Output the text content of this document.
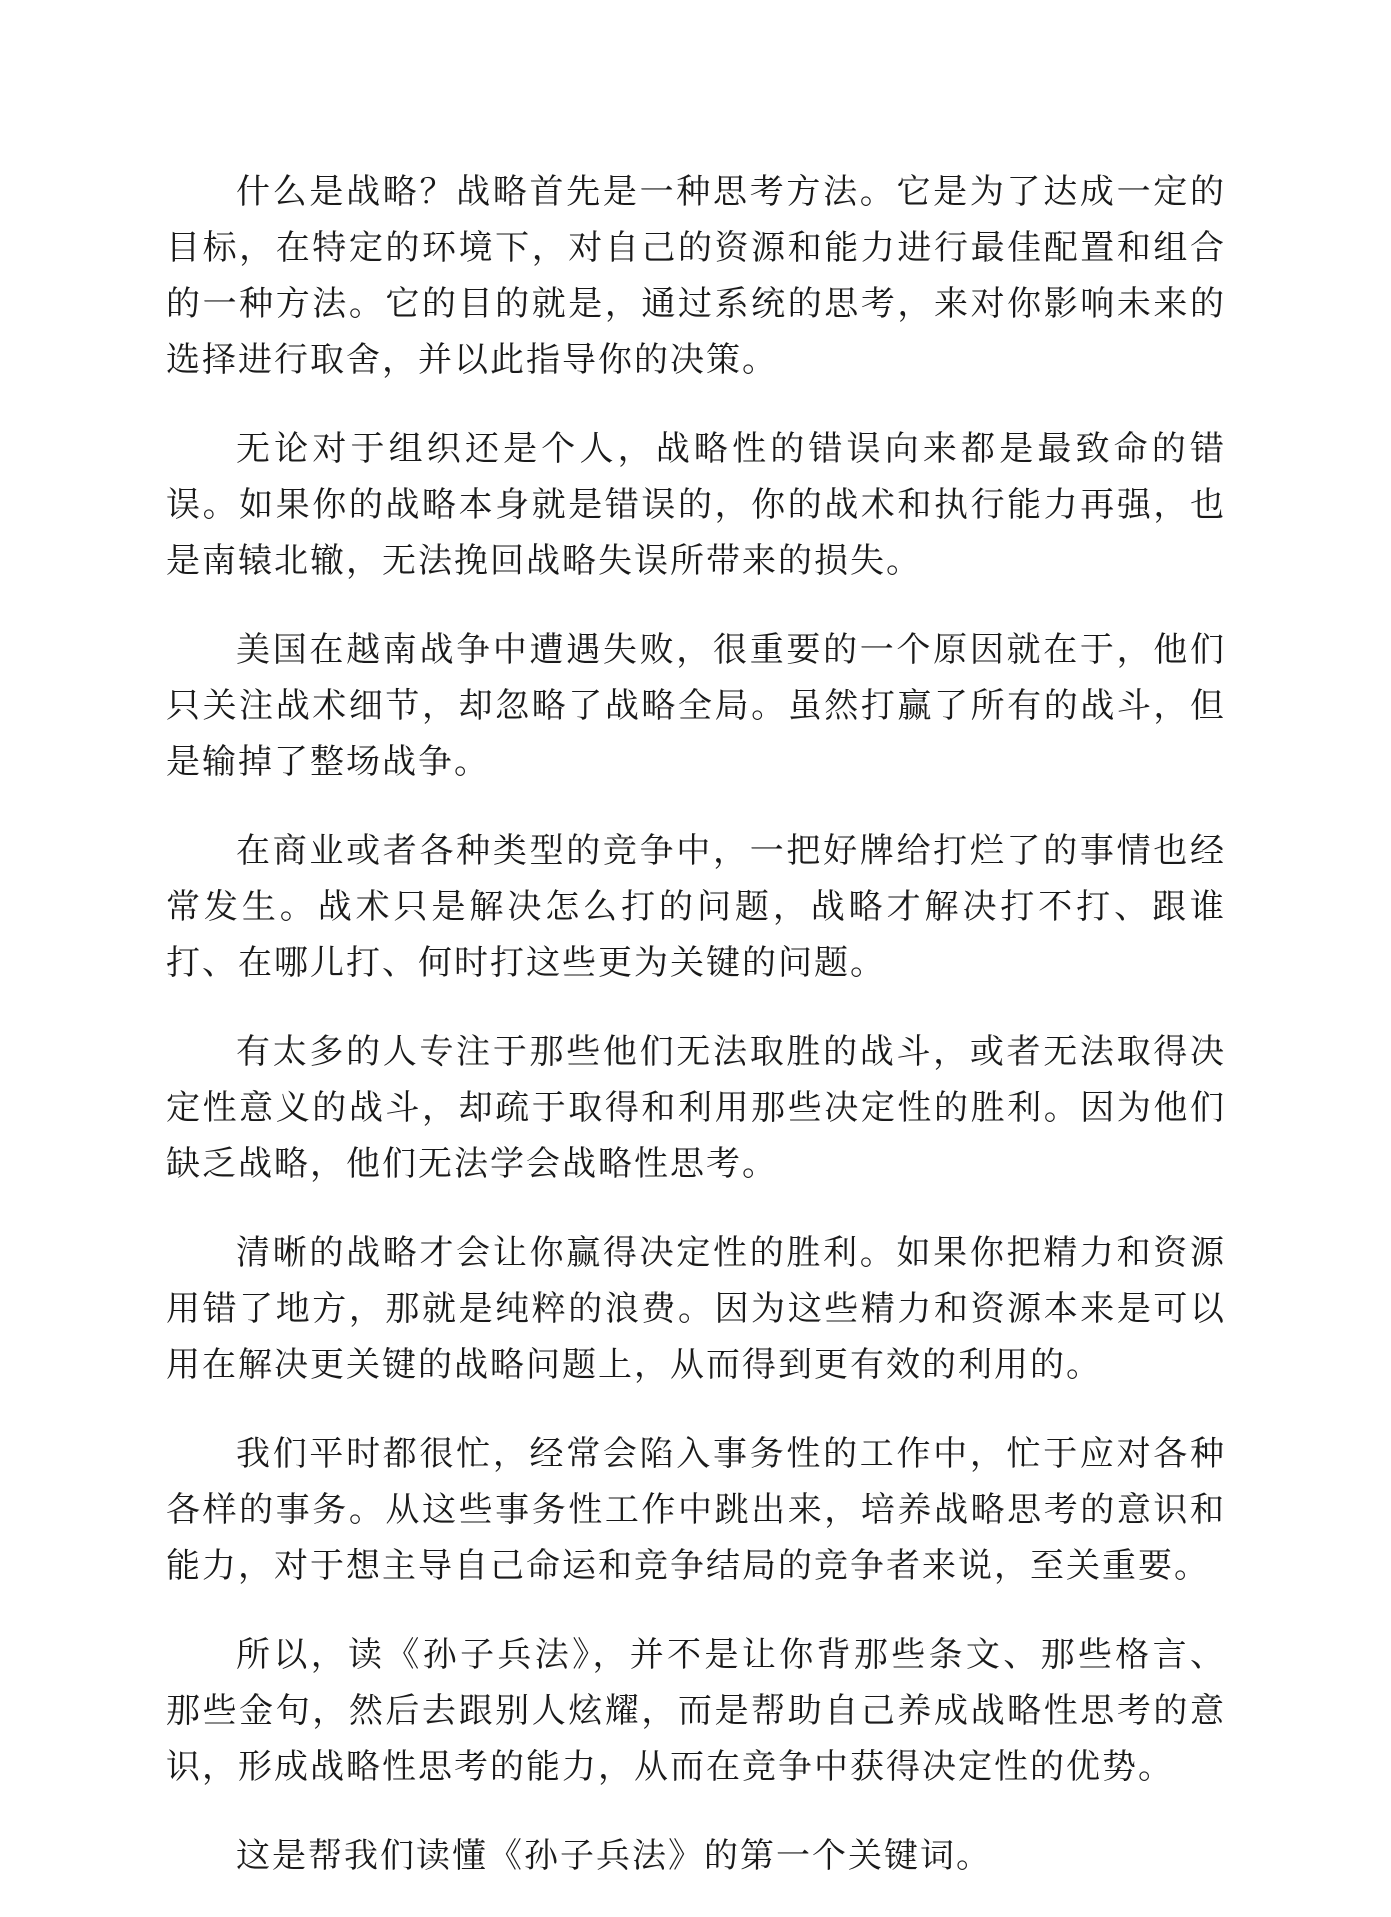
什么是战略？战略首先是一种思考方法。它是为了达成一定的目标，在特定的环境下，对自己的资源和能力进行最佳配置和组合的一种方法。它的目的就是，通过系统的思考，来对你影响未来的选择进行取舍，并以此指导你的决策。

无论对于组织还是个人，战略性的错误向来都是最致命的错误。如果你的战略本身就是错误的，你的战术和执行能力再强，也是南辕北辙，无法挽回战略失误所带来的损失。

美国在越南战争中遭遇失败，很重要的一个原因就在于，他们只关注战术细节，却忽略了战略全局。虽然打赢了所有的战斗，但是输掉了整场战争。

在商业或者各种类型的竞争中，一把好牌给打烂了的事情也经常发生。战术只是解决怎么打的问题，战略才解决打不打、跟谁打、在哪儿打、何时打这些更为关键的问题。

有太多的人专注于那些他们无法取胜的战斗，或者无法取得决定性意义的战斗，却疏于取得和利用那些决定性的胜利。因为他们缺乏战略，他们无法学会战略性思考。

清晰的战略才会让你赢得决定性的胜利。如果你把精力和资源用错了地方，那就是纯粹的浪费。因为这些精力和资源本来是可以用在解决更关键的战略问题上，从而得到更有效的利用的。

我们平时都很忙，经常会陷入事务性的工作中，忙于应对各种各样的事务。从这些事务性工作中跳出来，培养战略思考的意识和能力，对于想主导自己命运和竞争结局的竞争者来说，至关重要。

所以，读《孙子兵法》，并不是让你背那些条文、那些格言、那些金句，然后去跟别人炫耀，而是帮助自己养成战略性思考的意识，形成战略性思考的能力，从而在竞争中获得决定性的优势。

这是帮我们读懂《孙子兵法》的第一个关键词。
